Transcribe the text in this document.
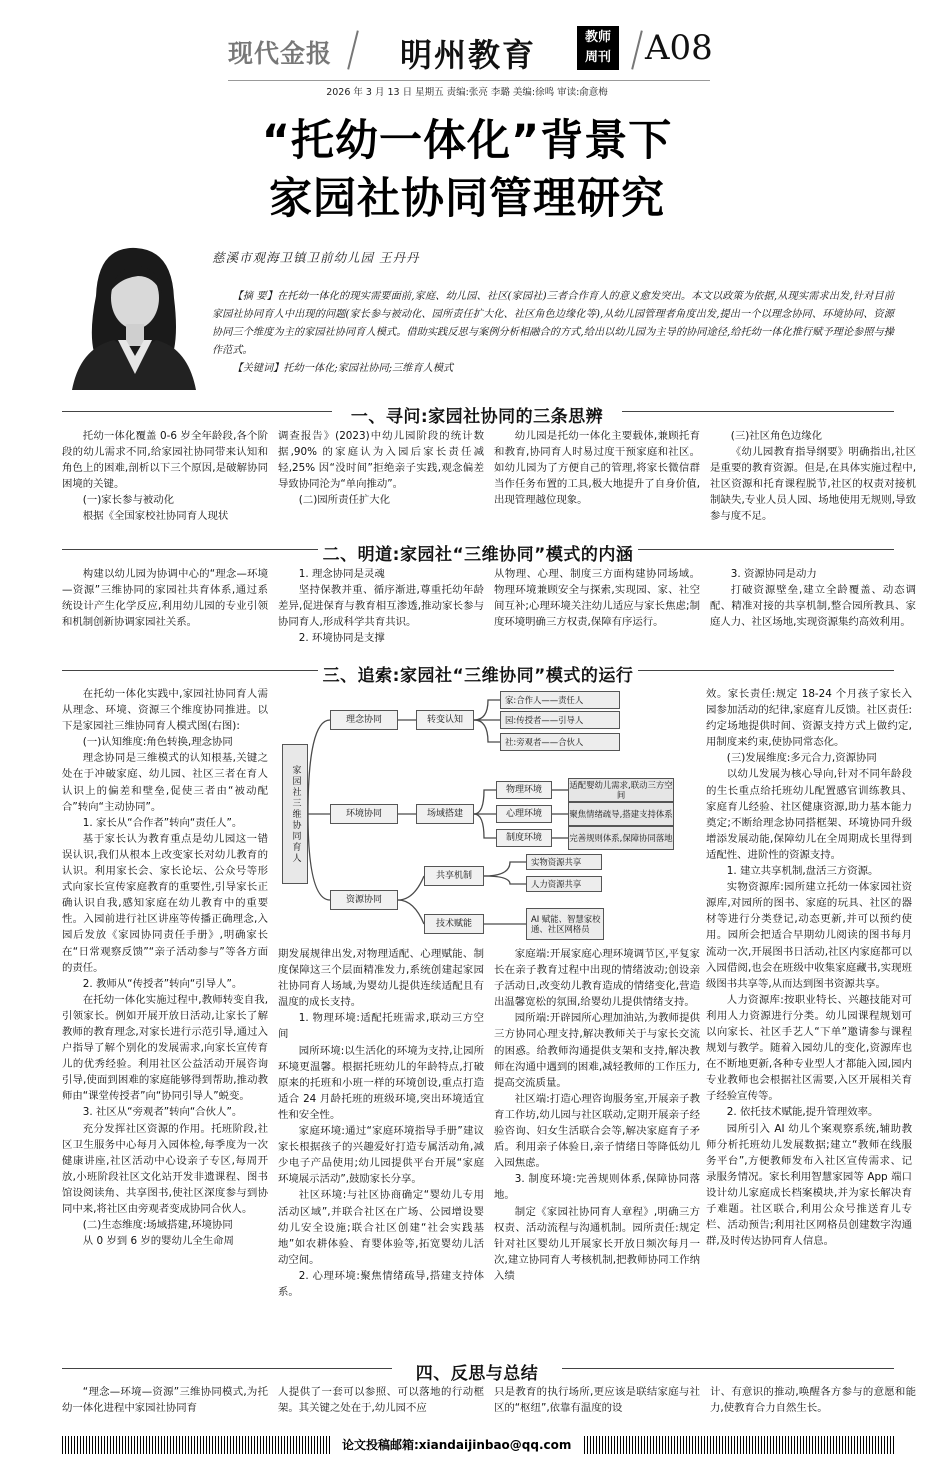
现代金报 明州教育	教师周刊 A08
2026 年 3 月 13 日 星期五 责编:张亮 李璐 美编:徐鸣 审读:俞意梅
“托幼一体化”背景下
家园社协同管理研究
慈溪市观海卫镇卫前幼儿园 王丹丹

【摘 要】在托幼一体化的现实需要面前,家庭、幼儿园、社区(家园社)三者合作育人的意义愈发突出。本文以政策为依据,从现实需求出发,针对目前家园社协同育人中出现的问题(家长参与被动化、园所责任扩大化、社区角色边缘化等),从幼儿园管理者角度出发,提出一个以理念协同、环境协同、资源协同三个维度为主的家园社协同育人模式。借助实践反思与案例分析相融合的方式,给出以幼儿园为主导的协同途径,给托幼一体化推行赋予理论参照与操作范式。

【关键词】托幼一体化;家园社协同;三维育人模式

一、寻问:家园社协同的三条思辨

托幼一体化覆盖 0-6 岁全年龄段,各个阶段的幼儿需求不同,给家园社协同带来认知和角色上的困难,剖析以下三个原因,是破解协同困境的关键。

(一)家长参与被动化

根据《全国家校社协同育人现状

调查报告》(2023)中幼儿园阶段的统计数据,90% 的家庭认为入园后家长责任减轻,25% 因“没时间”拒绝亲子实践,观念偏差导致协同沦为“单向推动”。

(二)园所责任扩大化

幼儿园是托幼一体化主要载体,兼顾托育和教育,协同育人时易过度干预家庭和社区。如幼儿园为了方便自己的管理,将家长微信群当作任务布置的工具,极大地提升了自身价值,出现管理越位现象。

(三)社区角色边缘化

《幼儿园教育指导纲要》明确指出,社区是重要的教育资源。但是,在具体实施过程中,社区资源和托育课程脱节,社区的权责对接机制缺失,专业人员人园、场地使用无规则,导致参与度不足。

二、明道:家园社“三维协同”模式的内涵

构建以幼儿园为协调中心的“理念—环境—资源”三维协同的家园社共育体系,通过系统设计产生化学反应,利用幼儿园的专业引领和机制创新协调家园社关系。

1. 理念协同是灵魂

坚持保教并重、循序渐进,尊重托幼年龄差异,促进保育与教育相互渗透,推动家长参与协同育人,形成科学共育共识。

2. 环境协同是支撑

从物理、心理、制度三方面构建协同场域。物理环境兼顾安全与探索,实现园、家、社空间互补;心理环境关注幼儿适应与家长焦虑;制度环境明确三方权责,保障有序运行。

3. 资源协同是动力

打破资源壁垒,建立全龄覆盖、动态调配、精准对接的共享机制,整合园所教具、家庭人力、社区场地,实现资源集约高效利用。

三、追索:家园社“三维协同”模式的运行

在托幼一体化实践中,家园社协同育人需从理念、环境、资源三个维度协同推进。以下是家园社三维协同育人模式图(右图):

(一)认知维度:角色转换,理念协同

理念协同是三维模式的认知根基,关键之处在于冲破家庭、幼儿园、社区三者在育人认识上的偏差和壁垒,促使三者由“被动配合”转向“主动协同”。

1. 家长从“合作者”转向“责任人”。

基于家长认为教育重点是幼儿园这一错误认识,我们从根本上改变家长对幼儿教育的认识。利用家长会、家长论坛、公众号等形式向家长宣传家庭教育的重要性,引导家长正确认识自我,感知家庭在幼儿教育中的重要性。入园前进行社区讲座等传播正确理念,入园后发放《家园协同责任手册》,明确家长在“日常观察反馈”“亲子活动参与”等各方面的责任。

2. 教师从“传授者”转向“引导人”。

在托幼一体化实施过程中,教师转变自我,引领家长。例如开展开放日活动,让家长了解教师的教育理念,对家长进行示范引导,通过入户指导了解个别化的发展需求,向家长宣传育儿的优秀经验。利用社区公益活动开展咨询引导,使面到困难的家庭能够得到帮助,推动教师由“课堂传授者”向“协同引导人”蜕变。

3. 社区从“旁观者”转向“合伙人”。

充分发挥社区资源的作用。托班阶段,社区卫生服务中心每月入园体检,每季度为一次健康讲座,社区活动中心设亲子专区,每周开放,小班阶段社区文化站开发非遗课程、图书馆设阅读角、共享图书,使社区深度参与到协同中来,将社区由旁观者变成协同合伙人。

(二)生态维度:场域搭建,环境协同

从 0 岁到 6 岁的婴幼儿全生命周

家园社三维协同育人
理念协同
环境协同
资源协同
转变认知
场域搭建
共享机制
技术赋能
家:合作人——责任人
园:传授者——引导人
社:旁观者——合伙人
物理环境
心理环境
制度环境
适配婴幼儿需求,联动三方空间
聚焦情绪疏导,搭建支持体系
完善规则体系,保障协同落地
实物资源共享
人力资源共享
AI 赋能、智慧家校通、社区网格员

期发展规律出发,对物理适配、心理赋能、制度保障这三个层面精准发力,系统创建起家园社协同育人场域,为婴幼儿提供连续适配且有温度的成长支持。

1. 物理环境:适配托班需求,联动三方空间

园所环境:以生活化的环境为支持,让园所环境更温馨。根据托班幼儿的年龄特点,打破原来的托班和小班一样的环境创设,重点打造适合 24 月龄托班的班级环境,突出环境适宜性和安全性。

家庭环境:通过“家庭环境指导手册”建议家长根据孩子的兴趣爱好打造专属活动角,减少电子产品使用;幼儿园提供平台开展“家庭环境展示活动”,鼓励家长分享。

社区环境:与社区协商确定“婴幼儿专用活动区域”,并联合社区在广场、公园增设婴幼儿安全设施;联合社区创建“社会实践基地”如农耕体验、育婴体验等,拓宽婴幼儿活动空间。

2. 心理环境:聚焦情绪疏导,搭建支持体系。

家庭端:开展家庭心理环境调节区,平复家长在亲子教育过程中出现的情绪波动;创设亲子活动日,改变幼儿教育造成的情绪变化,营造出温馨宽松的氛围,给婴幼儿提供情绪支持。

园所端:开辟园所心理加油站,为教师提供三方协同心理支持,解决教师关于与家长交流的困惑。给教师沟通提供支架和支持,解决教师在沟通中遇到的困难,减轻教师的工作压力,提高交流质量。

社区端:打造心理咨询服务室,开展亲子教育工作坊,幼儿园与社区联动,定期开展亲子经验咨询、妇女生活联合会等,解决家庭育子矛盾。利用亲子体验日,亲子情绪日等降低幼儿入园焦虑。

3. 制度环境:完善规则体系,保障协同落地。

制定《家园社协同育人章程》,明确三方权责、活动流程与沟通机制。园所责任:规定针对社区婴幼儿开展家长开放日频次每月一次,建立协同育人考核机制,把教师协同工作纳入绩

效。家长责任:规定 18-24 个月孩子家长入园参加活动的纪律,家庭育儿反馈。社区责任:约定场地提供时间、资源支持方式上做约定,用制度来约束,使协同常态化。

(三)发展维度:多元合力,资源协同

以幼儿发展为核心导向,针对不同年龄段的生长重点给托班幼儿配置感官训练教具、家庭育儿经验、社区健康资源,助力基本能力奠定;不断给理念协同搭框架、环境协同升级增添发展动能,保障幼儿在全周期成长里得到适配性、进阶性的资源支持。

1. 建立共享机制,盘活三方资源。

实物资源库:园所建立托幼一体家园社资源库,对园所的图书、家庭的玩具、社区的器材等进行分类登记,动态更新,并可以预约使用。园所会把适合早期幼儿阅读的图书每月流动一次,开展图书日活动,社区内家庭都可以入园借阅,也会在班级中收集家庭藏书,实现班级图书共享等,从而达到图书资源共享。

人力资源库:按职业特长、兴趣技能对可利用人力资源进行分类。幼儿园课程规划可以向家长、社区手艺人“下单”邀请参与课程规划与教学。随着入园幼儿的变化,资源库也在不断地更新,各种专业型人才都能入园,园内专业教师也会根据社区需要,入区开展相关育子经验宣传等。

2. 依托技术赋能,提升管理效率。

园所引入 AI 幼儿个案观察系统,辅助教师分析托班幼儿发展数据;建立“教师在线服务平台”,方便教师发布入社区宣传需求、记录服务情况。家长利用智慧家园等 App 端口设计幼儿家庭成长档案模块,并为家长解决育子难题。社区联合,利用公众号推送育儿专栏、活动预告;利用社区网格员创建数字沟通群,及时传达协同育人信息。

四、反思与总结

“理念—环境—资源”三维协同模式,为托幼一体化进程中家园社协同育

人提供了一套可以参照、可以落地的行动框架。其关键之处在于,幼儿园不应

只是教育的执行场所,更应该是联结家庭与社区的“枢纽”,依靠有温度的设

计、有意识的推动,唤醒各方参与的意愿和能力,使教育合力自然生长。

论文投稿邮箱:xiandaijinbao@qq.com
